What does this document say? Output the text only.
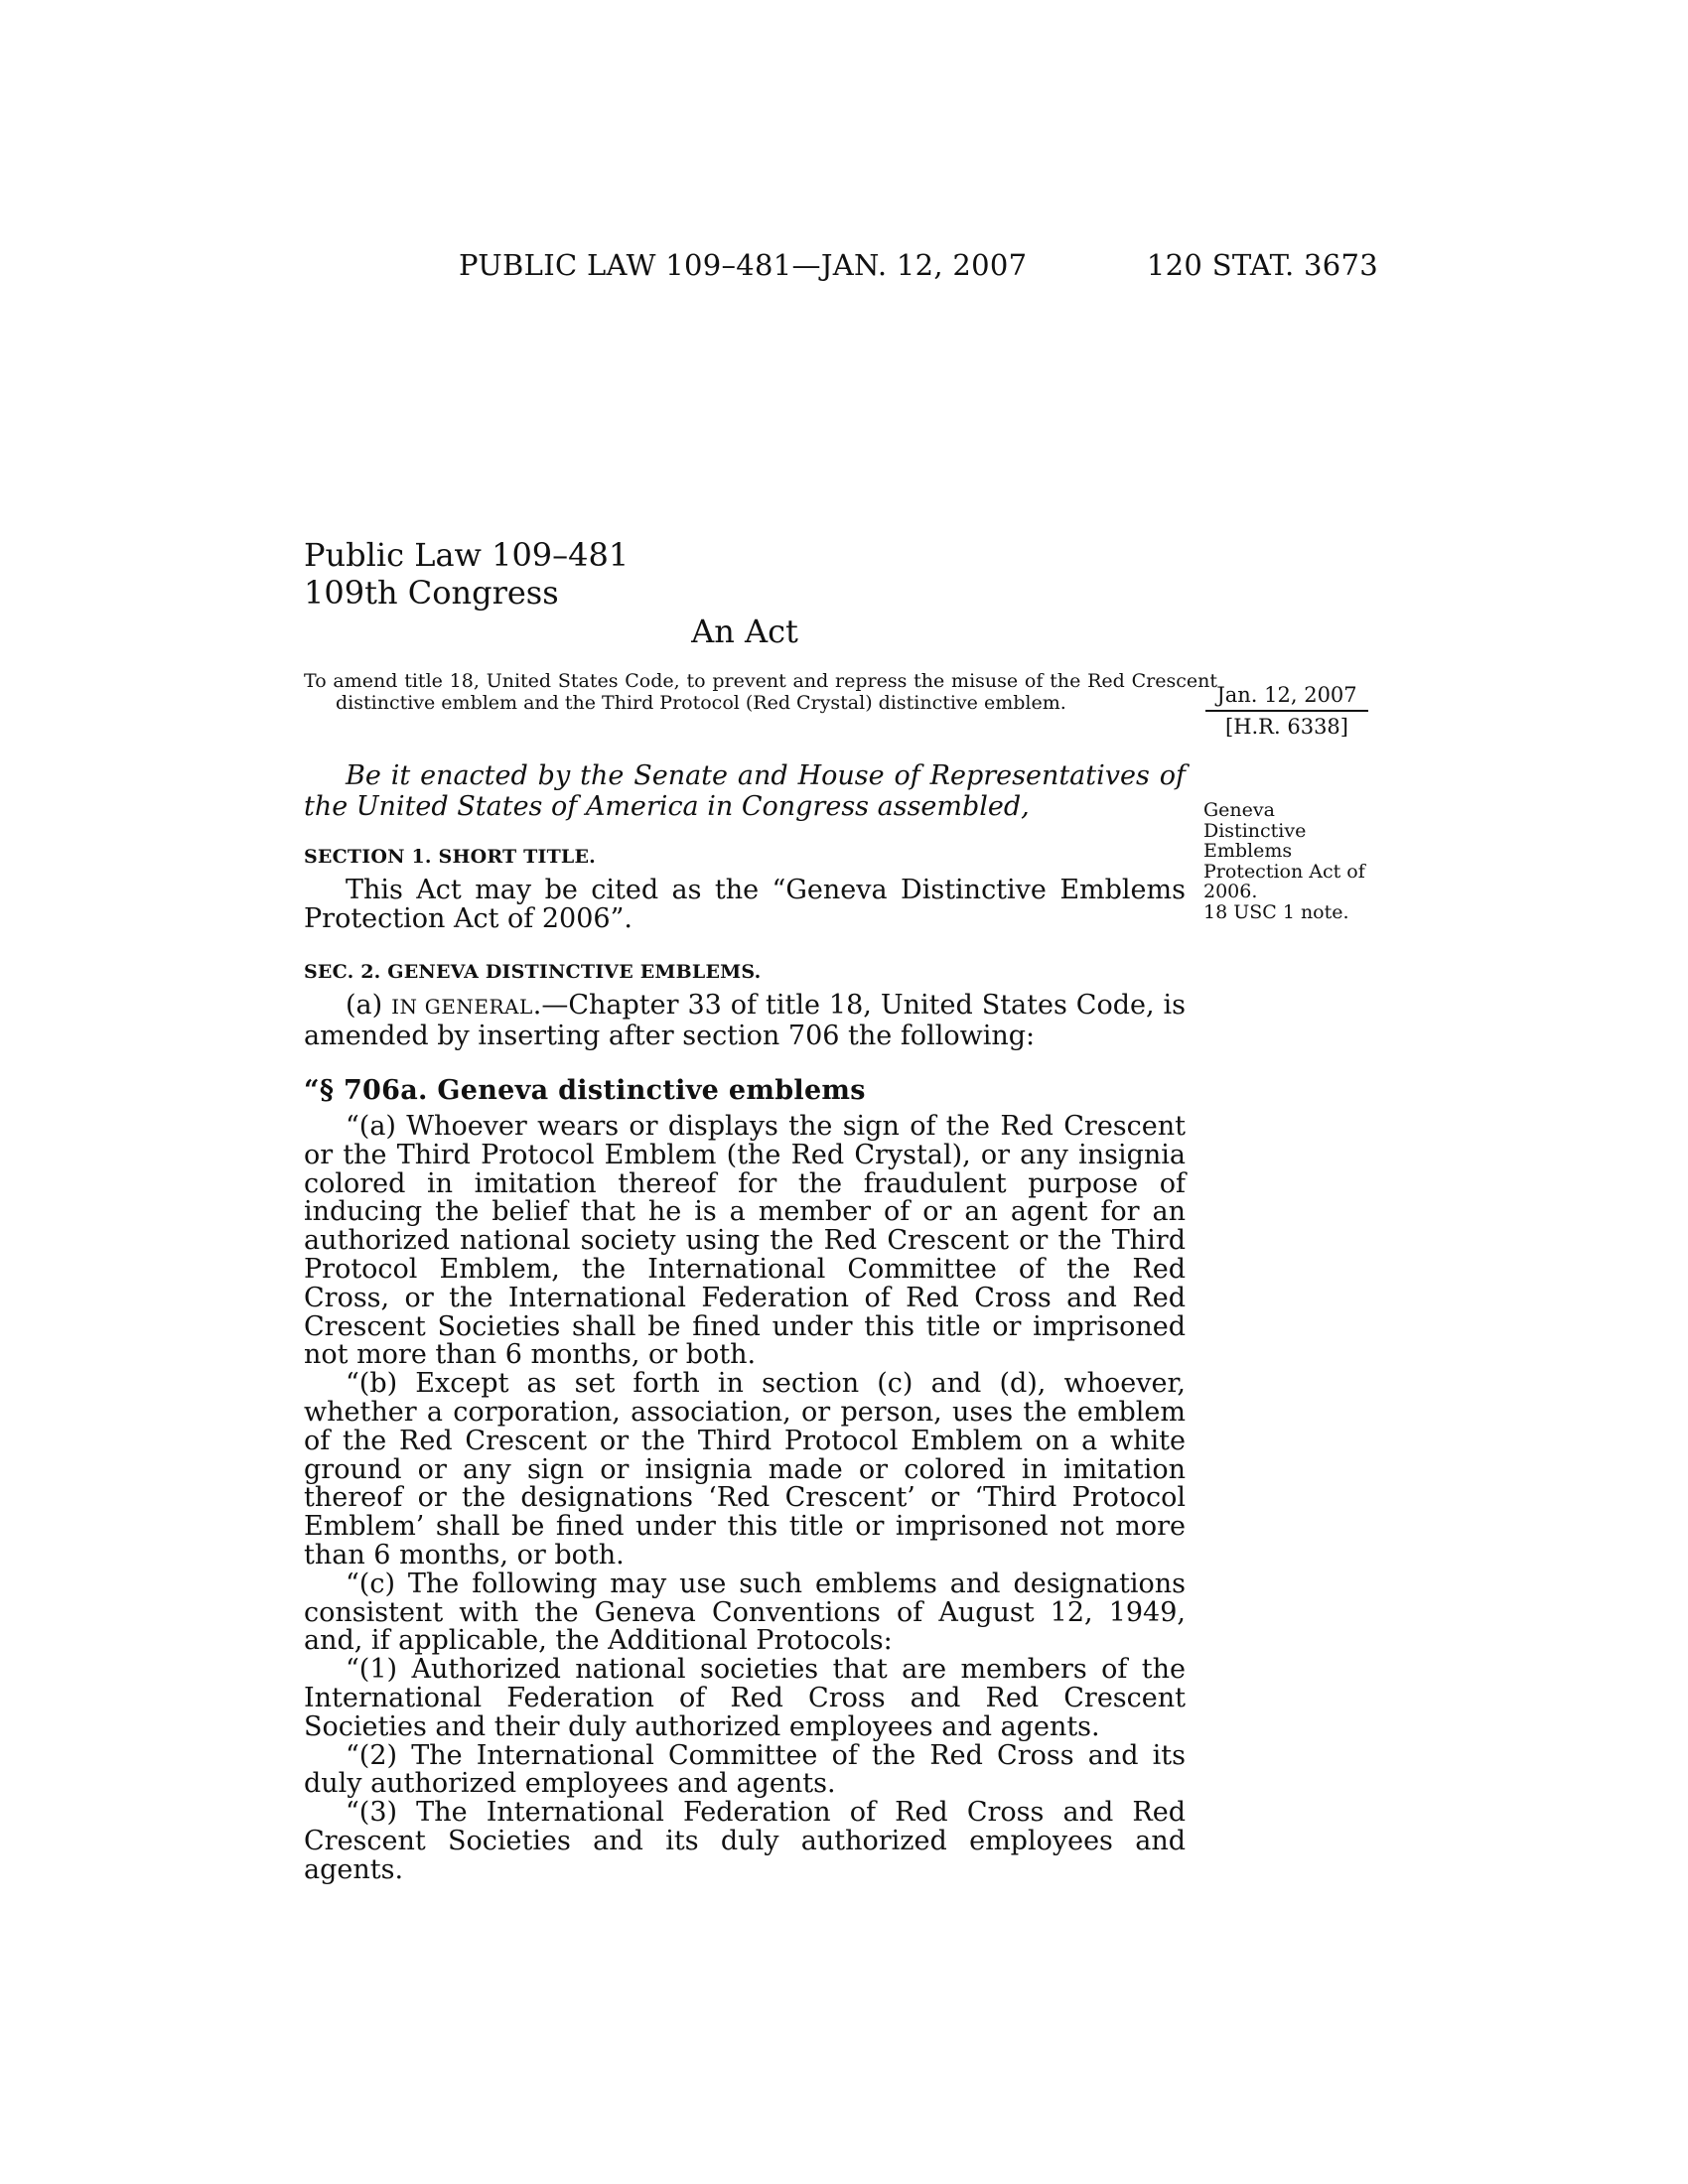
PUBLIC LAW 109–481—JAN. 12, 2007	120 STAT. 3673
Public Law 109–481
109th Congress
An Act
To amend title 18, United States Code, to prevent and repress the misuse of the Red Crescent distinctive emblem and the Third Protocol (Red Crystal) distinctive emblem.	Jan. 12, 2007
[H.R. 6338]
Geneva
Distinctive
Emblems
Protection Act of
2006.
18 USC 1 note.
Be it enacted by the Senate and House of Representatives of the United States of America in Congress assembled,
SECTION 1. SHORT TITLE.
This Act may be cited as the “Geneva Distinctive Emblems Protection Act of 2006”.
SEC. 2. GENEVA DISTINCTIVE EMBLEMS.
(a) IN GENERAL.—Chapter 33 of title 18, United States Code, is amended by inserting after section 706 the following:
“§ 706a. Geneva distinctive emblems

“(a) Whoever wears or displays the sign of the Red Crescent or the Third Protocol Emblem (the Red Crystal), or any insignia colored in imitation thereof for the fraudulent purpose of inducing the belief that he is a member of or an agent for an authorized national society using the Red Crescent or the Third Protocol Emblem, the International Committee of the Red Cross, or the International Federation of Red Cross and Red Crescent Societies shall be fined under this title or imprisoned not more than 6 months, or both.

“(b) Except as set forth in section (c) and (d), whoever, whether a corporation, association, or person, uses the emblem of the Red Crescent or the Third Protocol Emblem on a white ground or any sign or insignia made or colored in imitation thereof or the designations ‘Red Crescent’ or ‘Third Protocol Emblem’ shall be fined under this title or imprisoned not more than 6 months, or both.

“(c) The following may use such emblems and designations consistent with the Geneva Conventions of August 12, 1949, and, if applicable, the Additional Protocols:

“(1) Authorized national societies that are members of the International Federation of Red Cross and Red Crescent Societies and their duly authorized employees and agents.

“(2) The International Committee of the Red Cross and its duly authorized employees and agents.

“(3) The International Federation of Red Cross and Red Crescent Societies and its duly authorized employees and agents.
